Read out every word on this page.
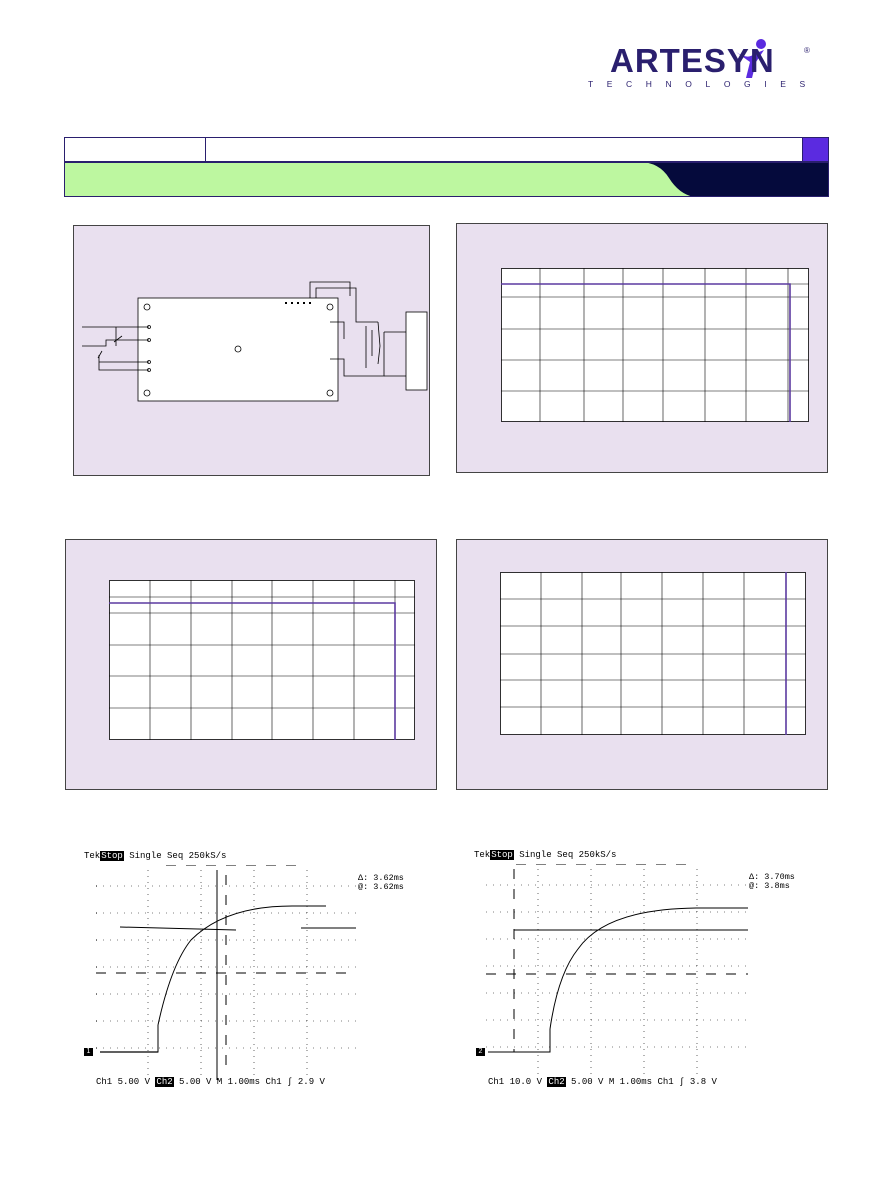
ARTESYN	®
TECHNOLOGIES
TekStop Single Seq 250kS/s
Δ: 3.62ms
@: 3.62ms
1
Ch1 5.00 V Ch2 5.00 V M 1.00ms Ch1 ∫ 2.9 V
TekStop Single Seq 250kS/s
Δ: 3.70ms
@: 3.8ms
2
Ch1 10.0 V Ch2 5.00 V M 1.00ms Ch1 ∫ 3.8 V
